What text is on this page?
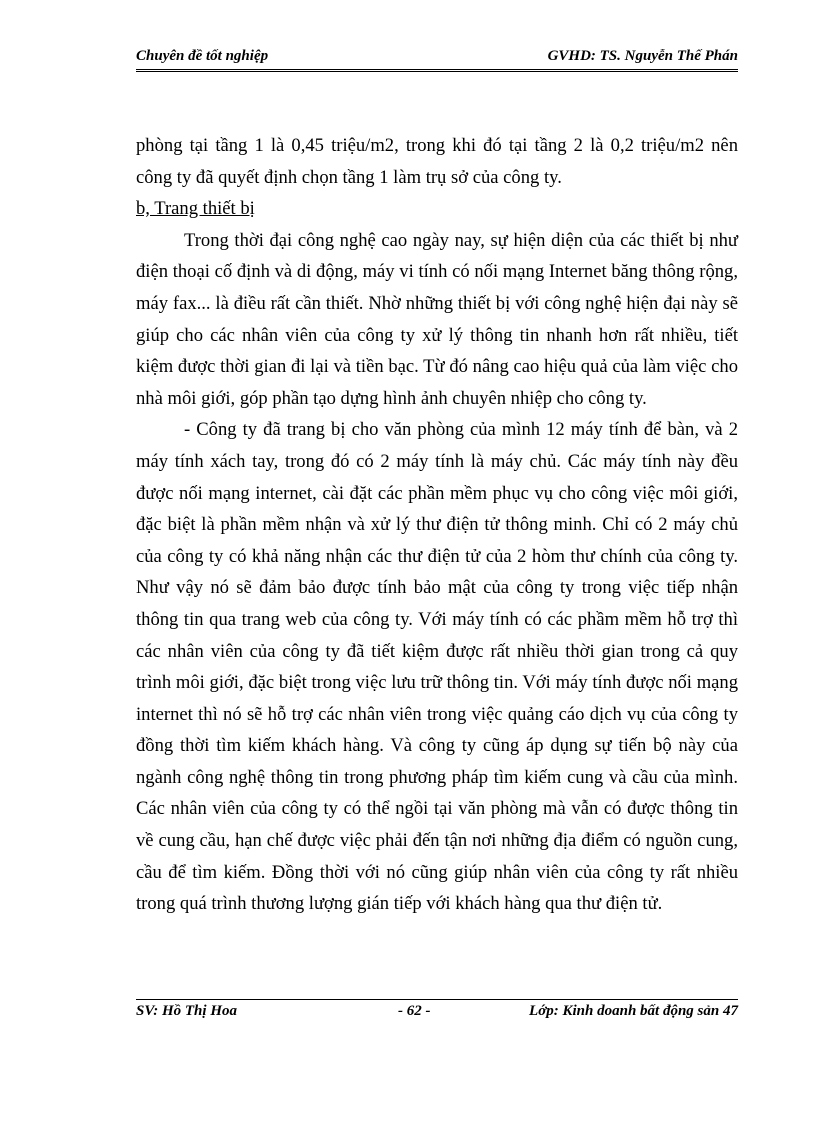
Chuyên đề tốt nghiệp	GVHD: TS. Nguyễn Thế Phán

phòng tại tầng 1 là 0,45 triệu/m2, trong khi đó tại tầng 2 là 0,2 triệu/m2 nên công ty đã quyết định chọn tầng 1 làm trụ sở của công ty.

b, Trang thiết bị

Trong thời đại công nghệ cao ngày nay, sự hiện diện của các thiết bị như điện thoại cố định và di động, máy vi tính có nối mạng Internet băng thông rộng, máy fax... là điều rất cần thiết. Nhờ những thiết bị với công nghệ hiện đại này sẽ giúp cho các nhân viên của công ty xử lý thông tin nhanh hơn rất nhiều, tiết kiệm được thời gian đi lại và tiền bạc. Từ đó nâng cao hiệu quả của làm việc cho nhà môi giới, góp phần tạo dựng hình ảnh chuyên nhiệp cho công ty.

- Công ty đã trang bị cho văn phòng của mình 12 máy tính để bàn, và 2 máy tính xách tay, trong đó có 2 máy tính là máy chủ. Các máy tính này đều được nối mạng internet, cài đặt các phần mềm phục vụ cho công việc môi giới, đặc biệt là phần mềm nhận và xử lý thư điện tử thông minh. Chỉ có 2 máy chủ của công ty có khả năng nhận các thư điện tử của 2 hòm thư chính của công ty. Như vậy nó sẽ đảm bảo được tính bảo mật của công ty trong việc tiếp nhận thông tin qua trang web của công ty. Với máy tính có các phầm mềm hỗ trợ thì các nhân viên của công ty đã tiết kiệm được rất nhiều thời gian trong cả quy trình môi giới, đặc biệt trong việc lưu trữ thông tin. Với máy tính được nối mạng internet thì nó sẽ hỗ trợ các nhân viên trong việc quảng cáo dịch vụ của công ty đồng thời tìm kiếm khách hàng. Và công ty cũng áp dụng sự tiến bộ này của ngành công nghệ thông tin trong phương pháp tìm kiếm cung và cầu của mình. Các nhân viên của công ty có thể ngồi tại văn phòng mà vẫn có được thông tin về cung cầu, hạn chế được việc phải đến tận nơi những địa điểm có nguồn cung, cầu để tìm kiếm. Đồng thời với nó cũng giúp nhân viên của công ty rất nhiều trong quá trình thương lượng gián tiếp với khách hàng qua thư điện tử.

SV: Hồ Thị Hoa	- 62 -	Lớp: Kinh doanh bất động sản 47
